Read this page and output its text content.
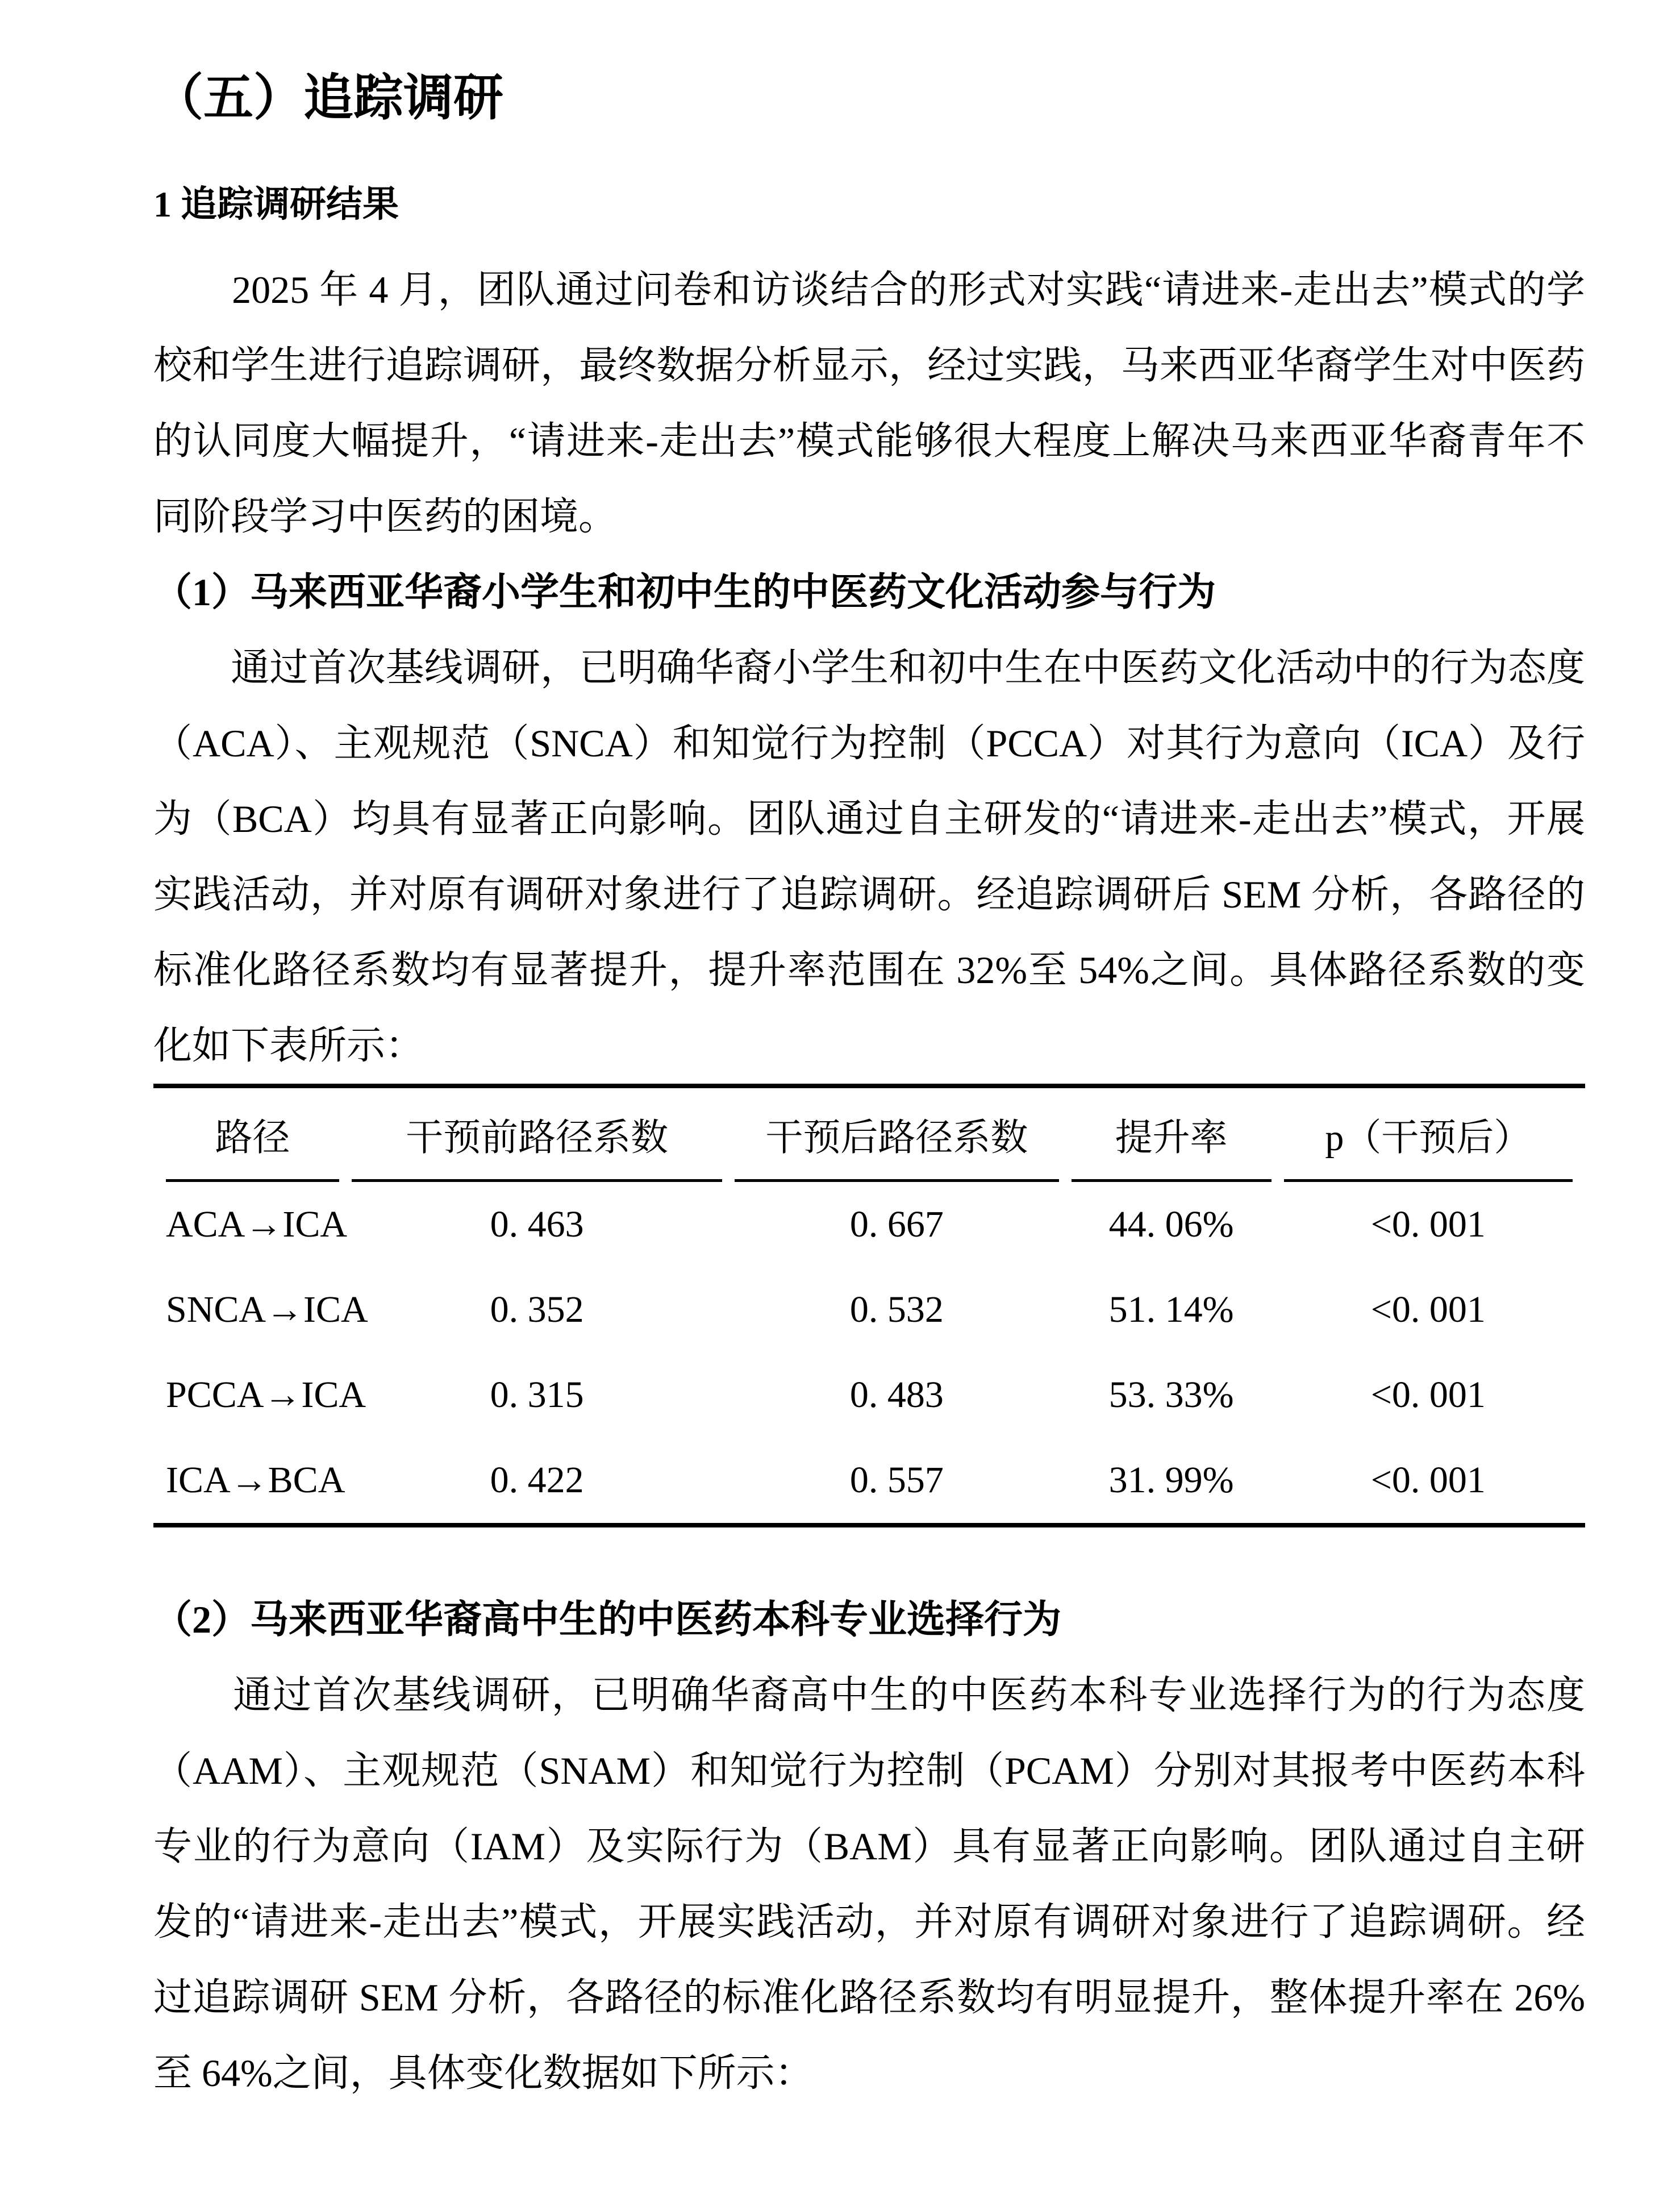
（五）追踪调研
1 追踪调研结果

　　2025 年 4 月，团队通过问卷和访谈结合的形式对实践“请进来-走出去”模式的学校和学生进行追踪调研，最终数据分析显示，经过实践，马来西亚华裔学生对中医药的认同度大幅提升，“请进来-走出去”模式能够很大程度上解决马来西亚华裔青年不同阶段学习中医药的困境。

（1）马来西亚华裔小学生和初中生的中医药文化活动参与行为

　　通过首次基线调研，已明确华裔小学生和初中生在中医药文化活动中的行为态度（ACA）、主观规范（SNCA）和知觉行为控制（PCCA）对其行为意向（ICA）及行为（BCA）均具有显著正向影响。团队通过自主研发的“请进来-走出去”模式，开展实践活动，并对原有调研对象进行了追踪调研。经追踪调研后 SEM 分析，各路径的标准化路径系数均有显著提升，提升率范围在 32%至 54%之间。具体路径系数的变化如下表所示：

路径	干预前路径系数	干预后路径系数	提升率	p（干预后）
ACA→ICA	0. 463	0. 667	44. 06%	<0. 001
SNCA→ICA	0. 352	0. 532	51. 14%	<0. 001
PCCA→ICA	0. 315	0. 483	53. 33%	<0. 001
ICA→BCA	0. 422	0. 557	31. 99%	<0. 001
（2）马来西亚华裔高中生的中医药本科专业选择行为

　　通过首次基线调研，已明确华裔高中生的中医药本科专业选择行为的行为态度（AAM）、主观规范（SNAM）和知觉行为控制（PCAM）分别对其报考中医药本科专业的行为意向（IAM）及实际行为（BAM）具有显著正向影响。团队通过自主研发的“请进来-走出去”模式，开展实践活动，并对原有调研对象进行了追踪调研。经过追踪调研 SEM 分析，各路径的标准化路径系数均有明显提升，整体提升率在 26%至 64%之间，具体变化数据如下所示：
